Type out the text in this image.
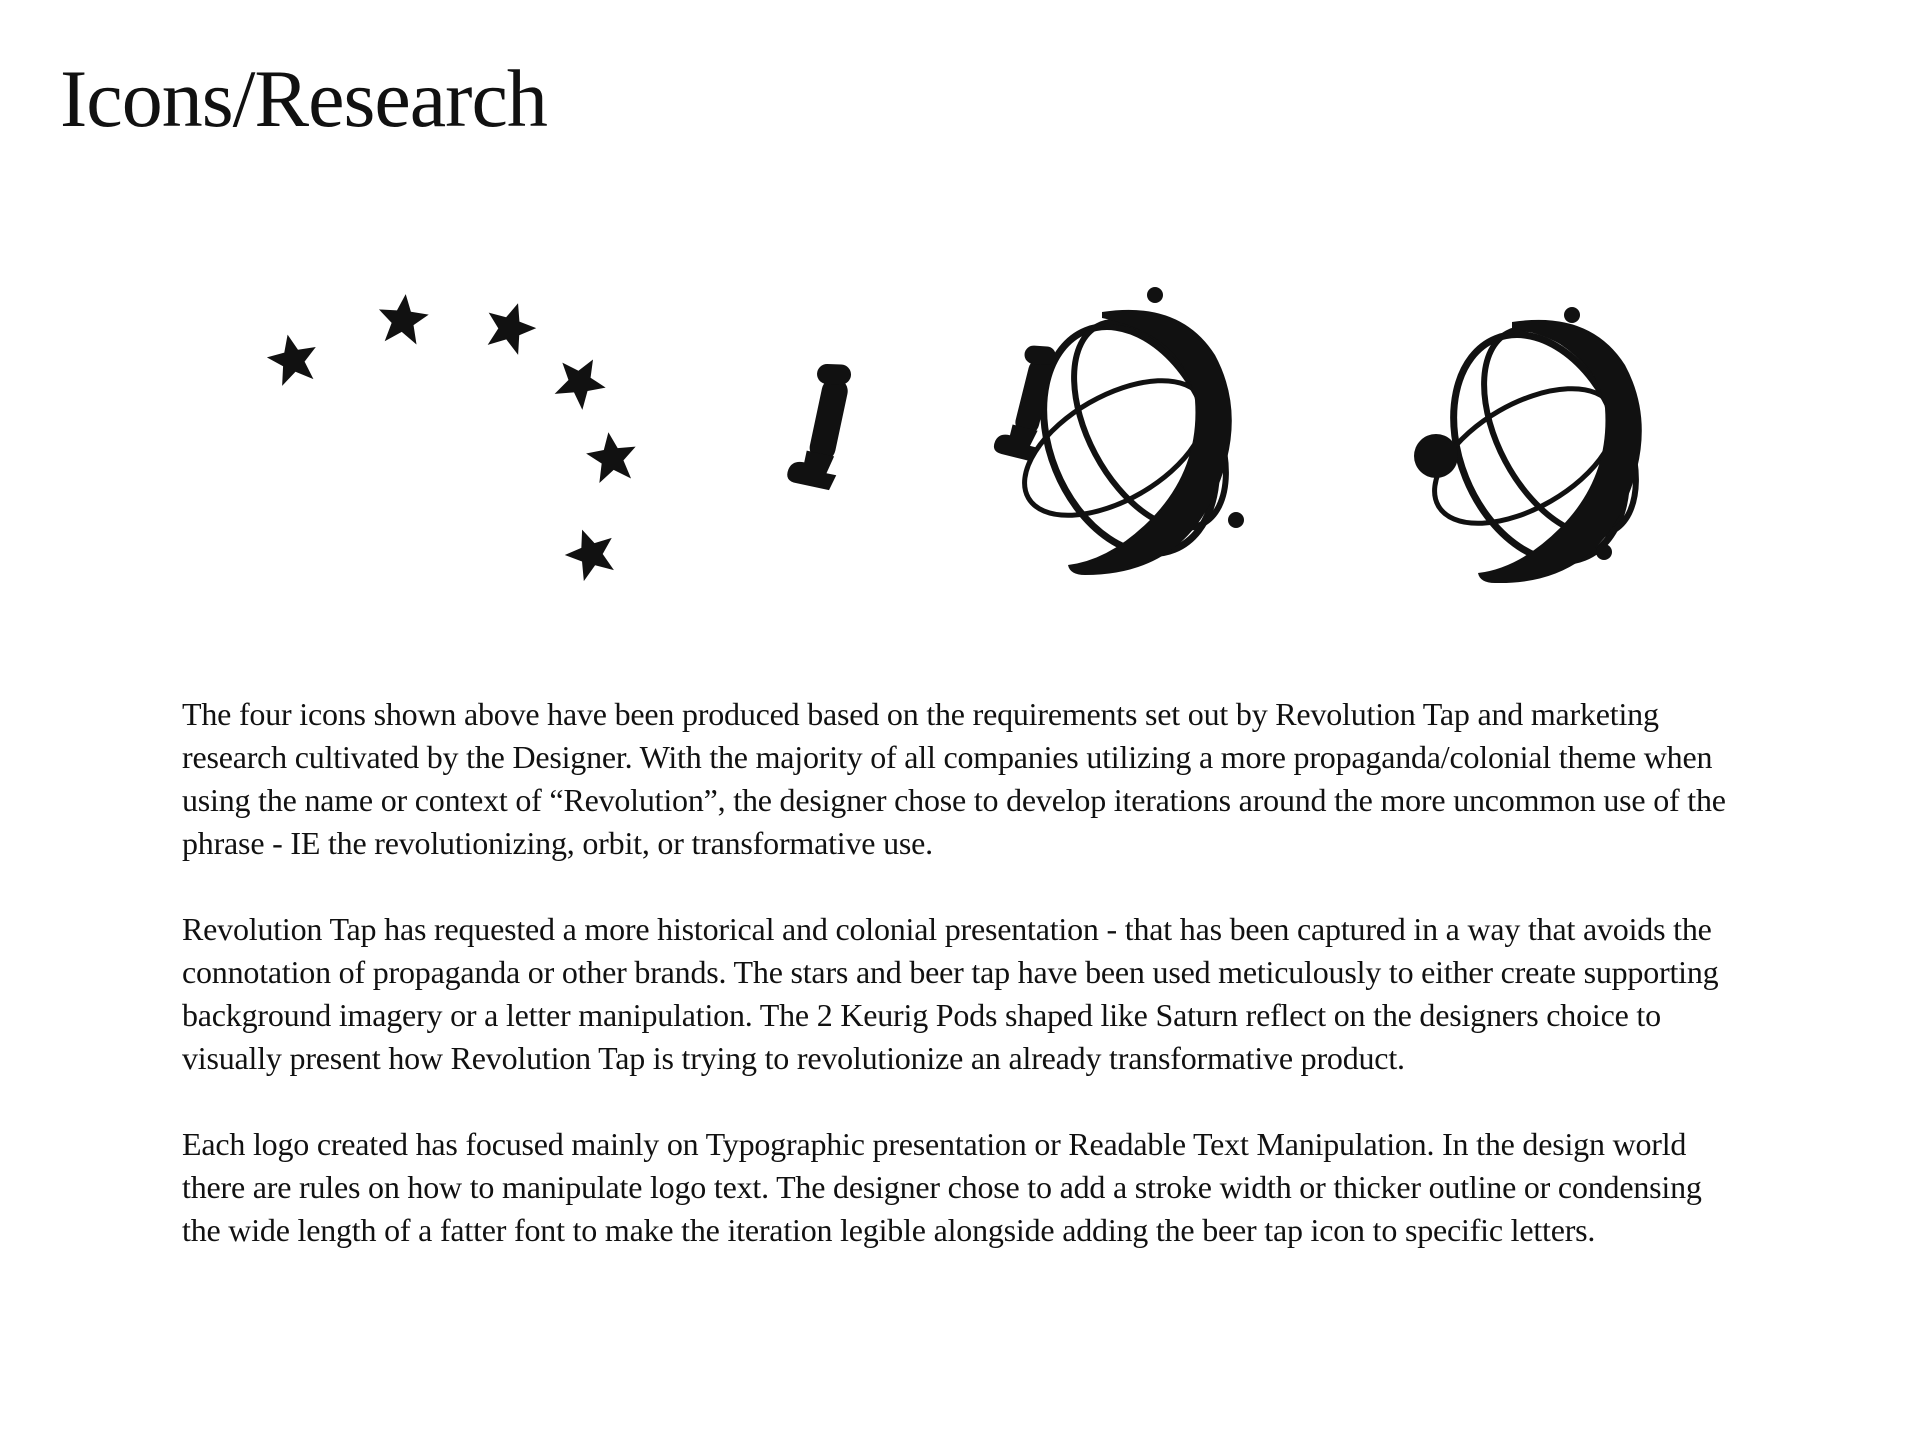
Icons/Research

The four icons shown above have been produced based on the requirements set out by Revolution Tap and marketing research cultivated by the Designer. With the majority of all companies utilizing a more propaganda/colonial theme when using the name or context of “Revolution”, the designer chose to develop iterations around the more uncommon use of the phrase - IE the revolutionizing, orbit, or transformative use.

Revolution Tap has requested a more historical and colonial presentation - that has been captured in a way that avoids the connotation of propaganda or other brands. The stars and beer tap have been used meticulously to either create supporting background imagery or a letter manipulation. The 2 Keurig Pods shaped like Saturn reflect on the designers choice to visually present how Revolution Tap is trying to revolutionize an already transformative product.

Each logo created has focused mainly on Typographic presentation or Readable Text Manipulation. In the design world there are rules on how to manipulate logo text. The designer chose to add a stroke width or thicker outline or condensing the wide length of a fatter font to make the iteration legible alongside adding the beer tap icon to specific letters.
